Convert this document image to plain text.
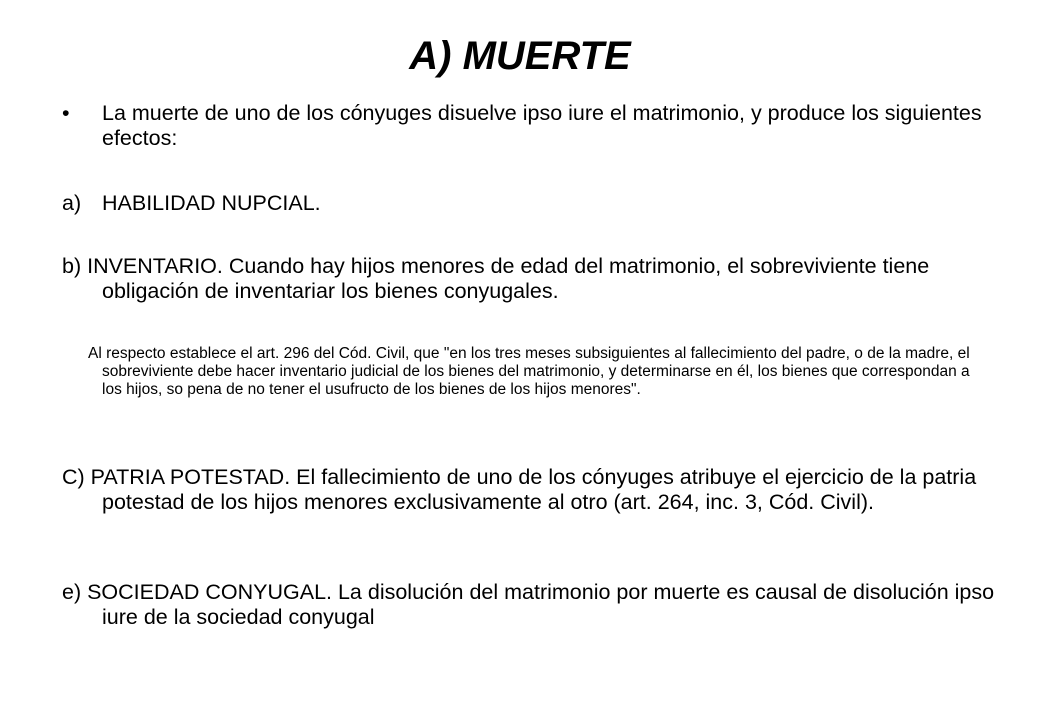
A) MUERTE
•	La muerte de uno de los cónyuges disuelve ipso iure el matrimonio, y produce los siguientes efectos:
a) HABILIDAD NUPCIAL.

b) INVENTARIO. Cuando hay hijos menores de edad del matrimonio, el sobreviviente tiene obligación de inventariar los bienes conyugales.

Al respecto establece el art. 296 del Cód. Civil, que "en los tres meses subsiguientes al fallecimiento del padre, o de la madre, el sobreviviente debe hacer inventario judicial de los bienes del matrimonio, y determinarse en él, los bienes que correspondan a los hijos, so pena de no tener el usufructo de los bienes de los hijos menores".

C) PATRIA POTESTAD. El fallecimiento de uno de los cónyuges atribuye el ejercicio de la patria potestad de los hijos menores exclusivamente al otro (art. 264, inc. 3, Cód. Civil).

e) SOCIEDAD CONYUGAL. La disolución del matrimonio por muerte es causal de disolución ipso iure de la sociedad conyugal
